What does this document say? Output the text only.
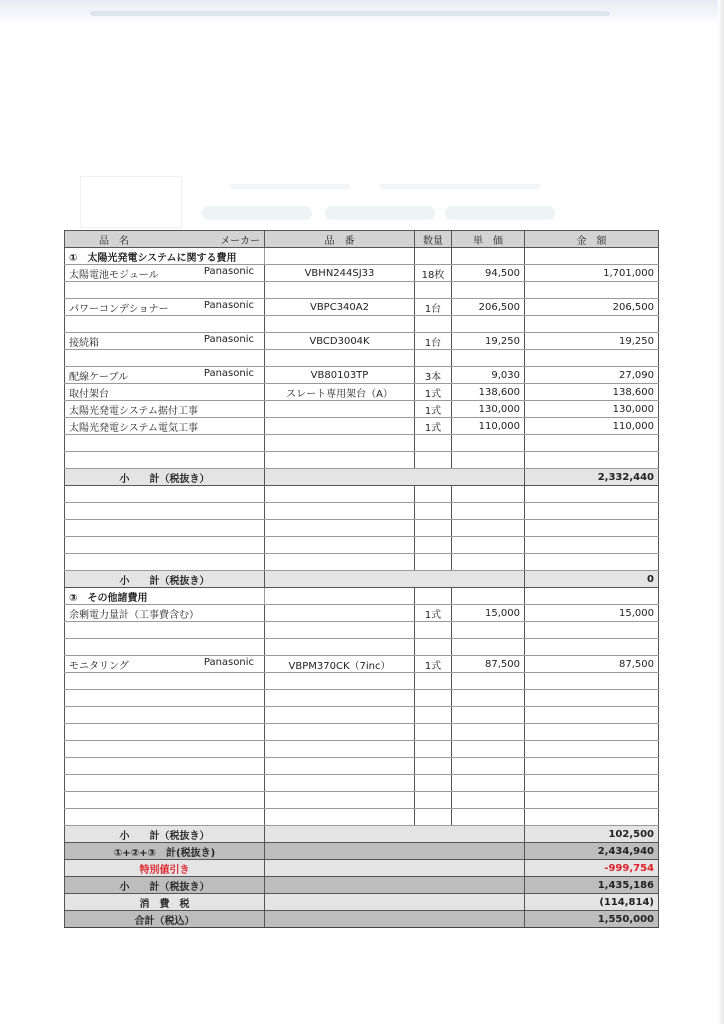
品　名 メーカー	品　番	数量	単　価	金　額
①　太陽光発電システムに関する費用				
太陽電池モジュール Panasonic	VBHN244SJ33	18枚	94,500	1,701,000

パワーコンデショナー Panasonic	VBPC340A2	1台	206,500	206,500

接続箱 Panasonic	VBCD3004K	1台	19,250	19,250

配線ケーブル Panasonic	VB80103TP	3本	9,030	27,090
取付架台	スレート専用架台（A）	1式	138,600	138,600
太陽光発電システム据付工事		1式	130,000	130,000
太陽光発電システム電気工事		1式	110,000	110,000

小　　計（税抜き）				2,332,440

小　　計（税抜き）				0
③　その他諸費用				
余剰電力量計（工事費含む）		1式	15,000	15,000

モニタリング Panasonic	VBPM370CK（7inc）	1式	87,500	87,500

小　　計（税抜き）				102,500
①+②+③　計(税抜き)				2,434,940
特別値引き				-999,754
小　　計（税抜き）				1,435,186
消　費　税				(114,814)
合計（税込）				1,550,000
